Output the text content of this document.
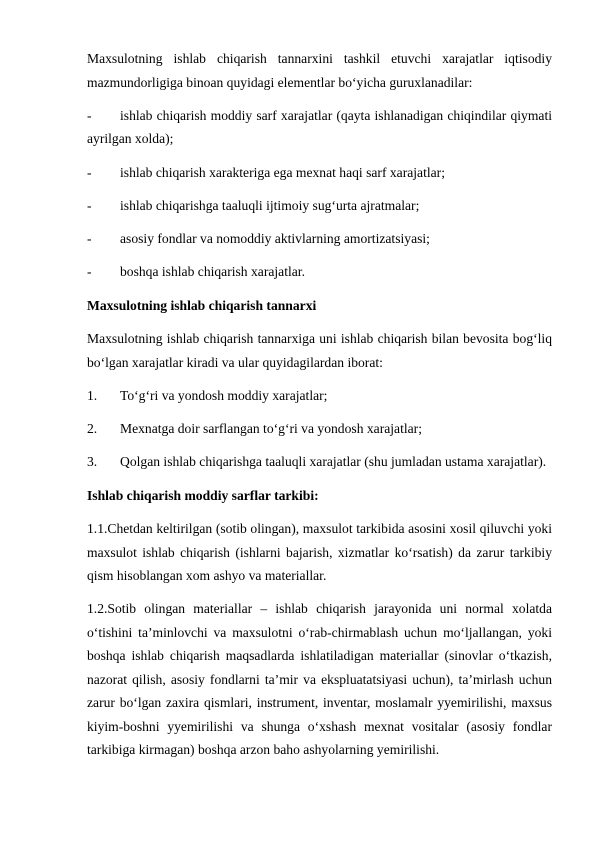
Maxsulotning ishlab chiqarish tannarxini tashkil etuvchi xarajatlar iqtisodiy mazmundorligiga binoan quyidagi elementlar bo‘yicha guruxlanadilar:

- ishlab chiqarish moddiy sarf xarajatlar (qayta ishlanadigan chiqindilar qiymati ayrilgan xolda);
- ishlab chiqarish xarakteriga ega mexnat haqi sarf xarajatlar;
- ishlab chiqarishga taaluqli ijtimoiy sug‘urta ajratmalar;
- asosiy fondlar va nomoddiy aktivlarning amortizatsiyasi;
- boshqa ishlab chiqarish xarajatlar.

Maxsulotning ishlab chiqarish tannarxi

Maxsulotning ishlab chiqarish tannarxiga uni ishlab chiqarish bilan bevosita bog‘liq bo‘lgan xarajatlar kiradi va ular quyidagilardan iborat:

1. To‘g‘ri va yondosh moddiy xarajatlar;
2. Mexnatga doir sarflangan to‘g‘ri va yondosh xarajatlar;
3. Qolgan ishlab chiqarishga taaluqli xarajatlar (shu jumladan ustama xarajatlar).

Ishlab chiqarish moddiy sarflar tarkibi:

1.1.Chetdan keltirilgan (sotib olingan), maxsulot tarkibida asosini xosil qiluvchi yoki maxsulot ishlab chiqarish (ishlarni bajarish, xizmatlar ko‘rsatish) da zarur tarkibiy qism hisoblangan xom ashyo va materiallar.

1.2.Sotib olingan materiallar – ishlab chiqarish jarayonida uni normal xolatda o‘tishini ta’minlovchi va maxsulotni o‘rab-chirmablash uchun mo‘ljallangan, yoki boshqa ishlab chiqarish maqsadlarda ishlatiladigan materiallar (sinovlar o‘tkazish, nazorat qilish, asosiy fondlarni ta’mir va ekspluatatsiyasi uchun), ta’mirlash uchun zarur bo‘lgan zaxira qismlari, instrument, inventar, moslamalr yyemirilishi, maxsus kiyim-boshni yyemirilishi va shunga o‘xshash mexnat vositalar (asosiy fondlar tarkibiga kirmagan) boshqa arzon baho ashyolarning yemirilishi.
